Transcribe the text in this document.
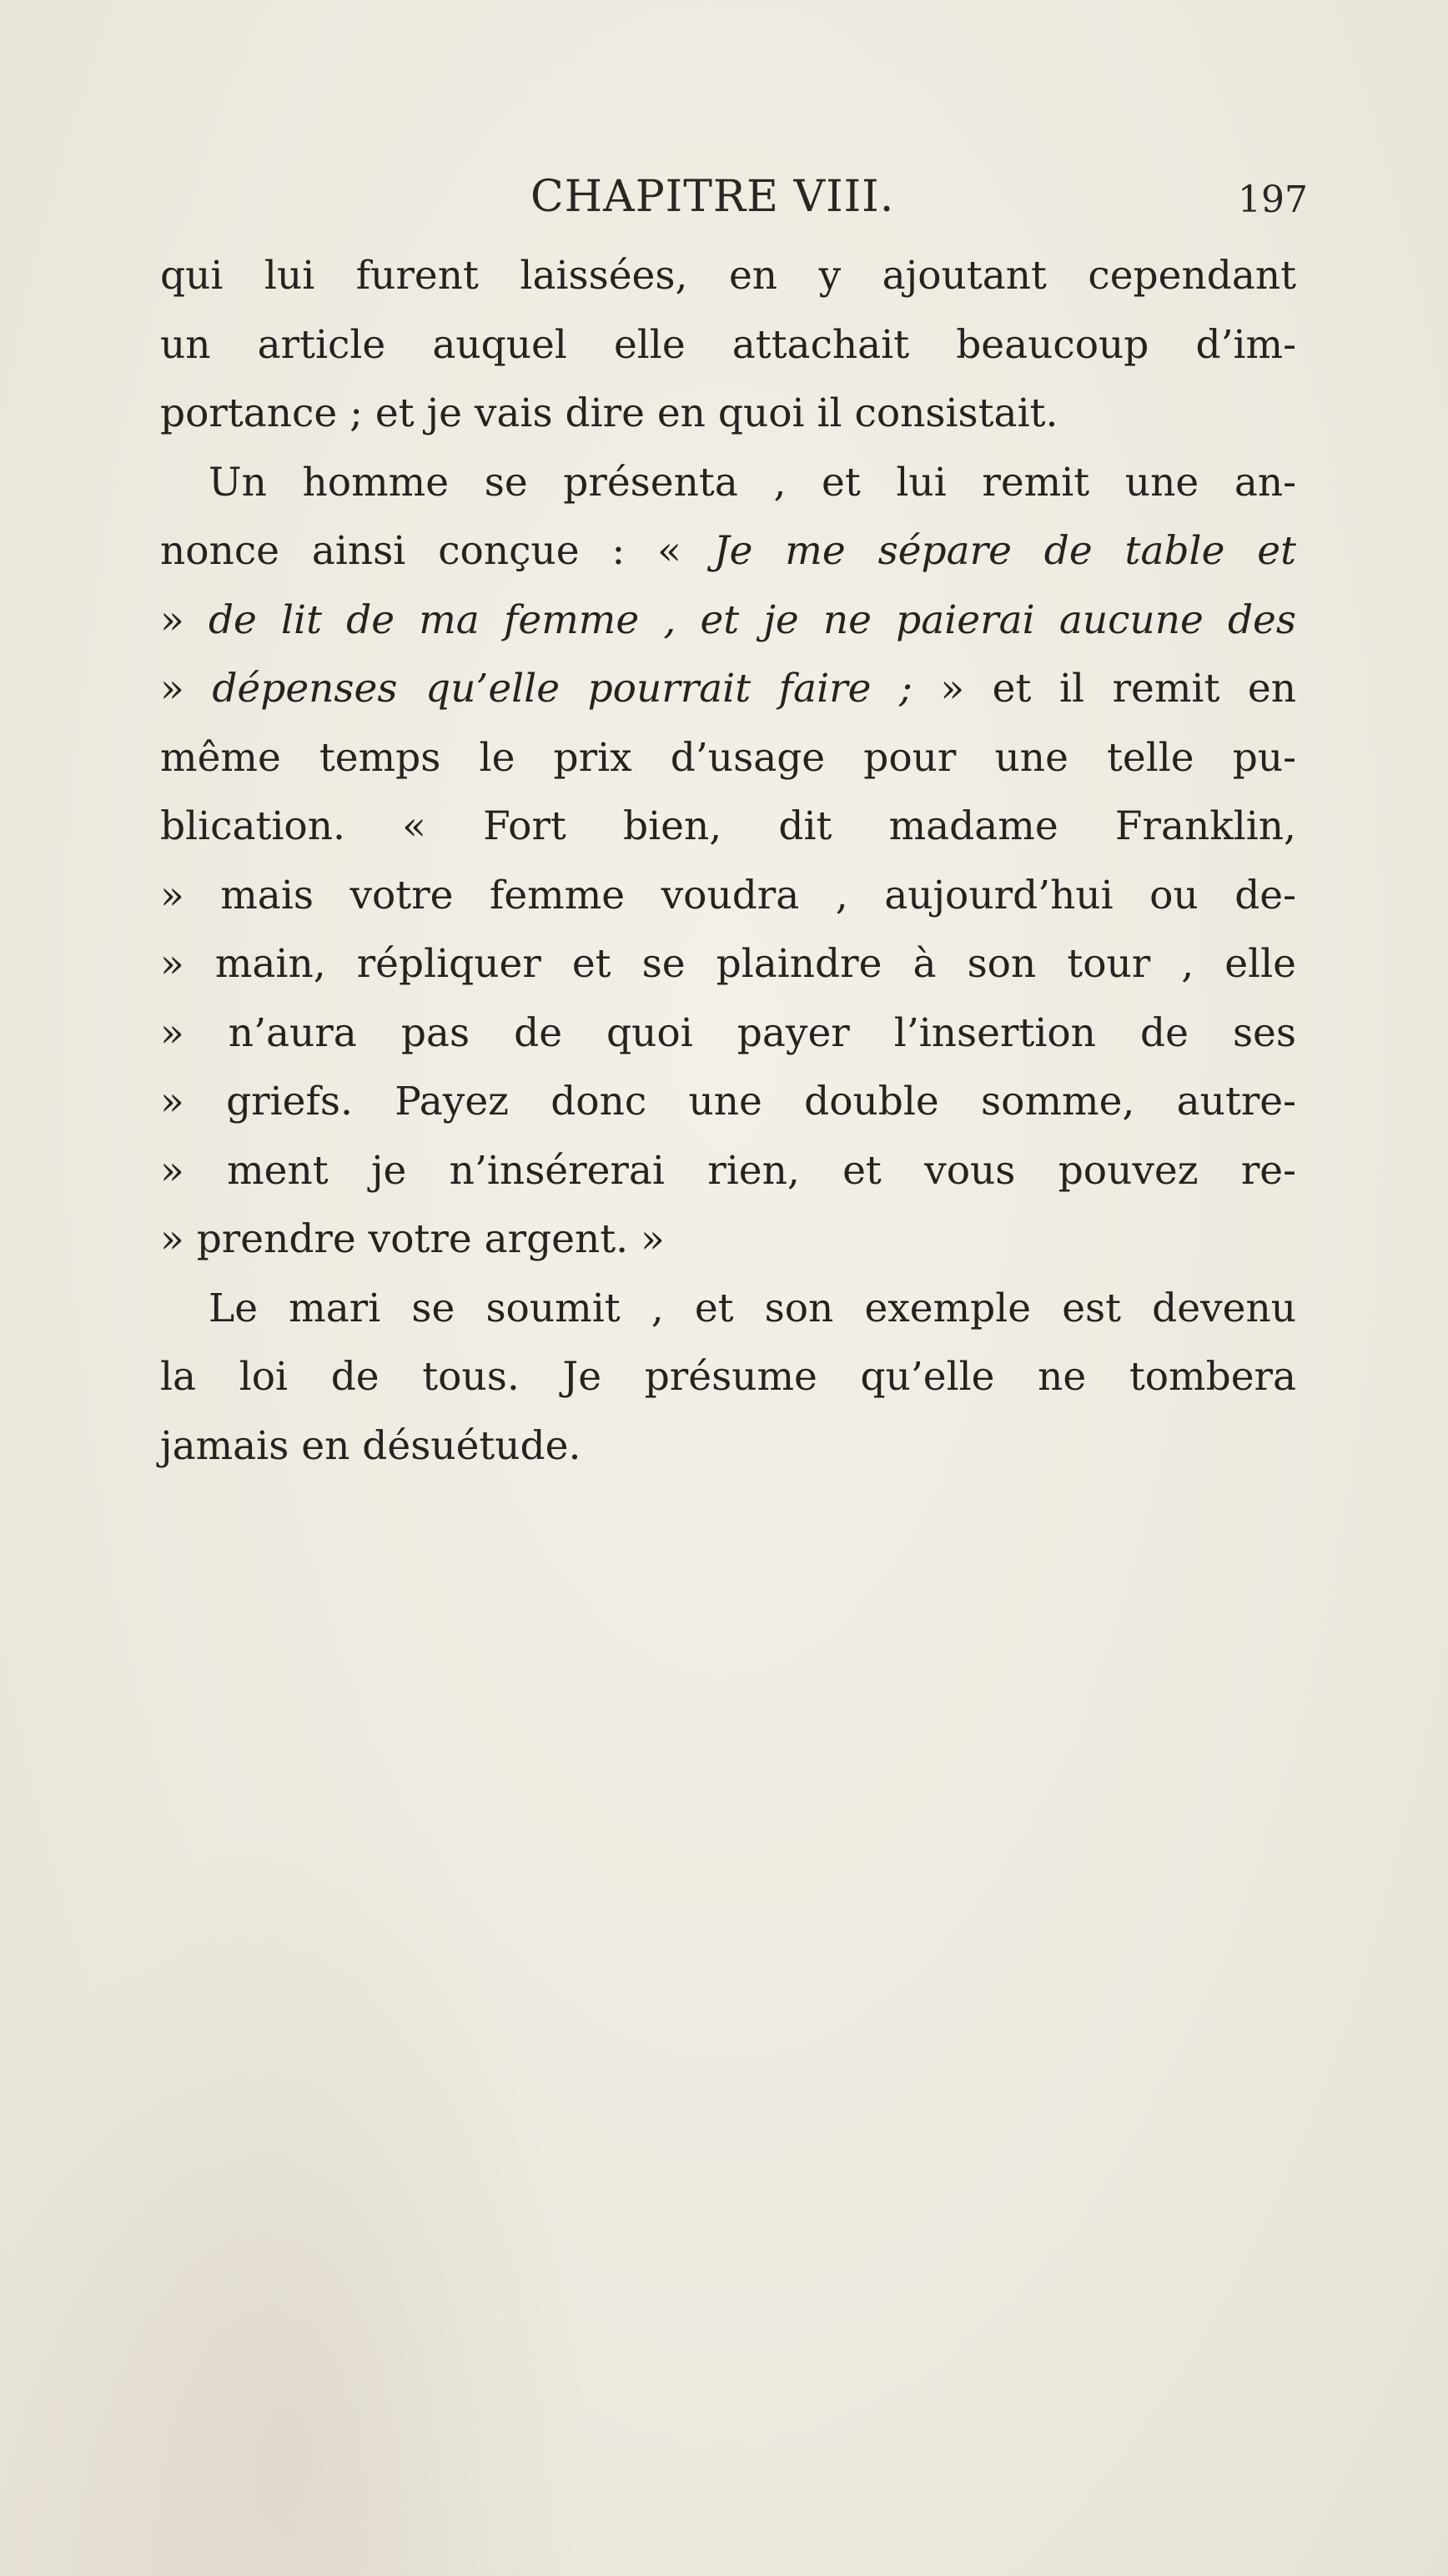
CHAPITRE VIII.	197
qui lui furent laissées, en y ajoutant cependant
un article auquel elle attachait beaucoup d’im-
portance ; et je vais dire en quoi il consistait.
Un homme se présenta , et lui remit une an-
nonce ainsi conçue : « Je me sépare de table et
» de lit de ma femme , et je ne paierai aucune des
» dépenses qu’elle pourrait faire ; » et il remit en
même temps le prix d’usage pour une telle pu-
blication. « Fort bien, dit madame Franklin,
» mais votre femme voudra , aujourd’hui ou de-
» main, répliquer et se plaindre à son tour , elle
» n’aura pas de quoi payer l’insertion de ses
» griefs. Payez donc une double somme, autre-
» ment je n’insérerai rien, et vous pouvez re-
» prendre votre argent. »
Le mari se soumit , et son exemple est devenu
la loi de tous. Je présume qu’elle ne tombera
jamais en désuétude.
